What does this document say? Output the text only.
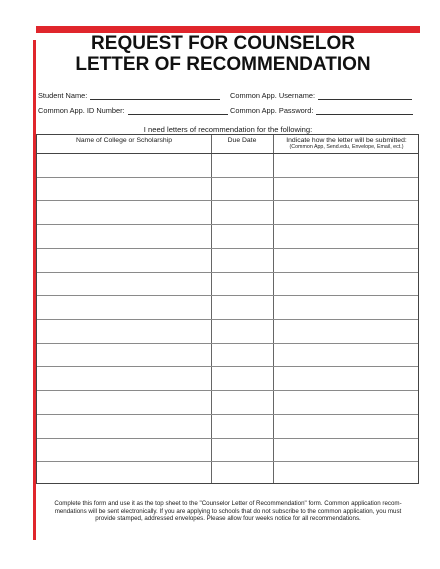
REQUEST FOR COUNSELOR
LETTER OF RECOMMENDATION
Student Name:	Common App. Username:
Common App. ID Number:	Common App. Password:
I need letters of recommendation for the following:
Name of College or Scholarship	Due Date	Indicate how the letter will be submitted:
(Common App, Send.edu, Envelope, Email, ect.)
Complete this form and use it as the top sheet to the "Counselor Letter of Recommendation" form. Common application recom-
mendations will be sent electronically. If you are applying to schools that do not subscribe to the common application, you must
provide stamped, addressed envelopes. Please allow four weeks notice for all recommendations.
